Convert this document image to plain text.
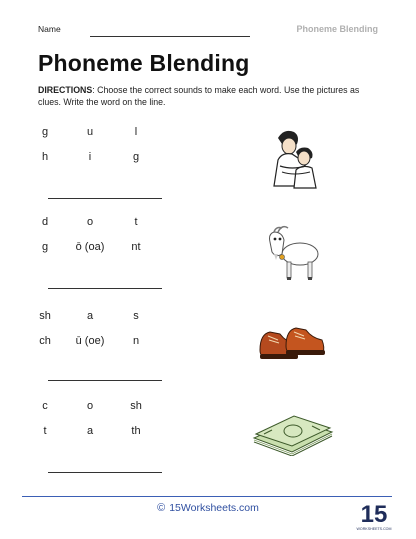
Name	Phoneme Blending
Phoneme Blending
DIRECTIONS: Choose the correct sounds to make each word. Use the pictures as clues. Write the word on the line.
g	u	l
h	i	g
d	o	t
g	ō (oa)	nt
sh	a	s
ch	ū (oe)	n
c	o	sh
t	a	th
© 15Worksheets.com	15
WORKSHEETS.COM
